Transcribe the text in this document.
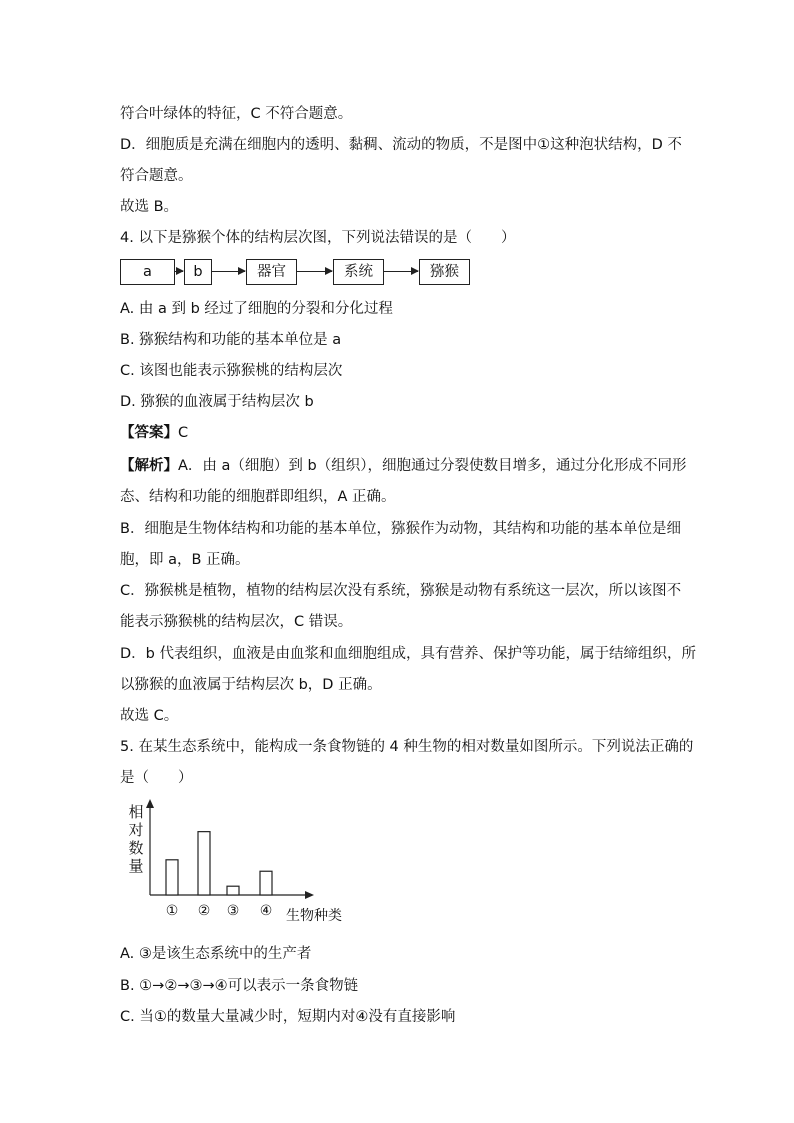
符合叶绿体的特征，C 不符合题意。
D．细胞质是充满在细胞内的透明、黏稠、流动的物质，不是图中①这种泡状结构，D 不
符合题意。
故选 B。
4. 以下是猕猴个体的结构层次图，下列说法错误的是（　　）
a	b	器官	系统	猕猴
A. 由 a 到 b 经过了细胞的分裂和分化过程
B. 猕猴结构和功能的基本单位是 a
C. 该图也能表示猕猴桃的结构层次
D. 猕猴的血液属于结构层次 b
【答案】C
【解析】A．由 a（细胞）到 b（组织），细胞通过分裂使数目增多，通过分化形成不同形
态、结构和功能的细胞群即组织，A 正确。
B．细胞是生物体结构和功能的基本单位，猕猴作为动物，其结构和功能的基本单位是细
胞，即 a，B 正确。
C．猕猴桃是植物，植物的结构层次没有系统，猕猴是动物有系统这一层次，所以该图不
能表示猕猴桃的结构层次，C 错误。
D．b 代表组织，血液是由血浆和血细胞组成，具有营养、保护等功能，属于结缔组织，所
以猕猴的血液属于结构层次 b，D 正确。
故选 C。
5. 在某生态系统中，能构成一条食物链的 4 种生物的相对数量如图所示。下列说法正确的
是（　　）
相对数量
① ② ③ ④ 生物种类
A. ③是该生态系统中的生产者
B. ①→②→③→④可以表示一条食物链
C. 当①的数量大量减少时，短期内对④没有直接影响
